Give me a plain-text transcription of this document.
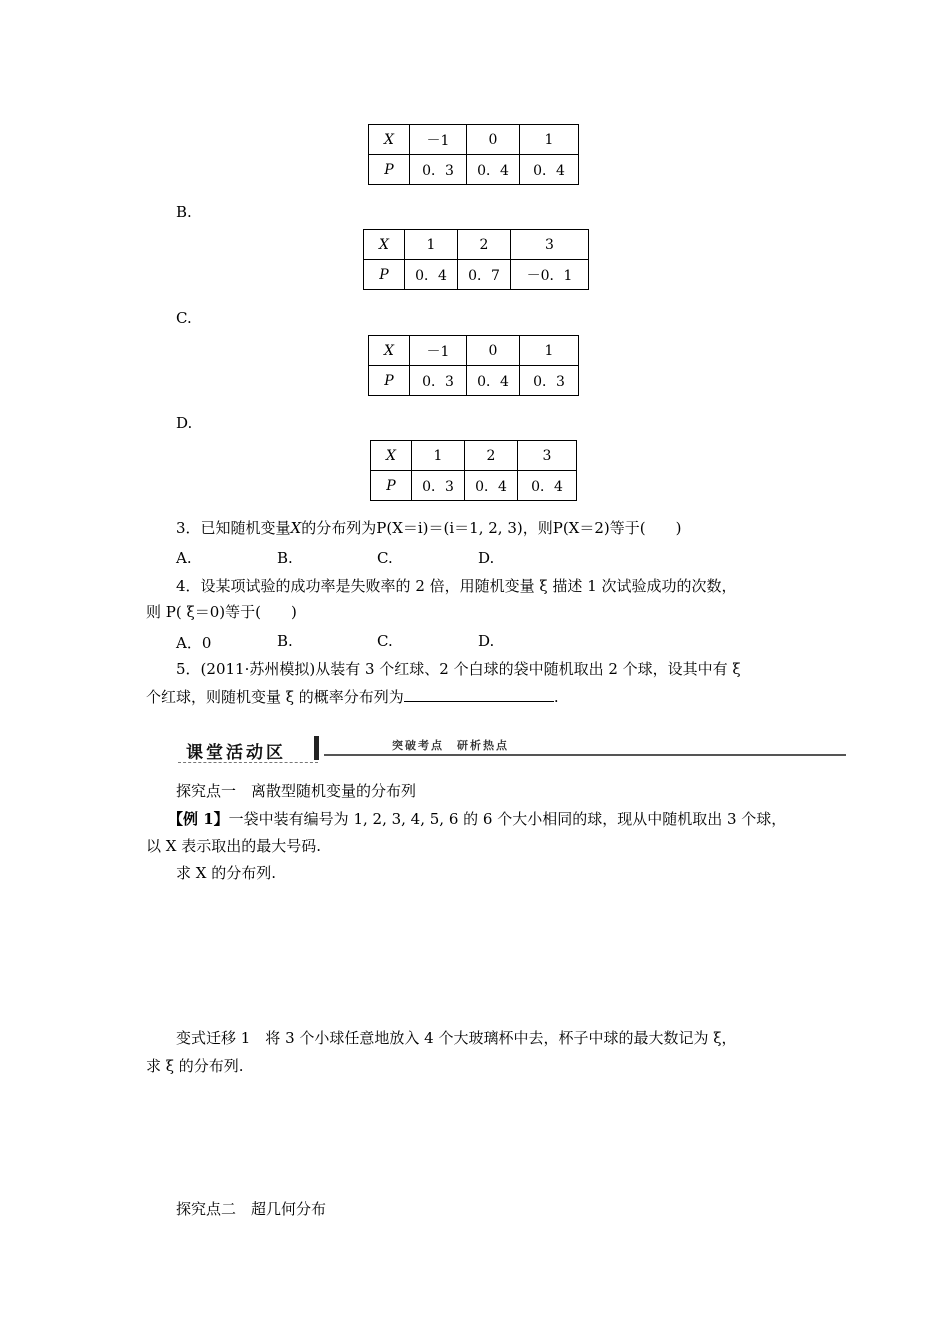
X	－1	0	1
P	0．3	0．4	0．4
B.
X	1	2	3
P	0．4	0．7	－0．1
C.
X	－1	0	1
P	0．3	0．4	0．3
D.
X	1	2	3
P	0．3	0．4	0．4
3．已知随机变量X的分布列为P(X＝i)＝(i＝1, 2, 3)，则P(X＝2)等于(　　)
A.	B.	C.	D.
4．设某项试验的成功率是失败率的 2 倍，用随机变量 ξ 描述 1 次试验成功的次数，
则 P( ξ＝0)等于(　　)
A．0	B.	C.	D.
5．(2011·苏州模拟)从装有 3 个红球、2 个白球的袋中随机取出 2 个球，设其中有 ξ
个红球，则随机变量 ξ 的概率分布列为	.
课堂活动区	突破考点　研析热点
探究点一　离散型随机变量的分布列
【例 1】一袋中装有编号为 1, 2, 3, 4, 5, 6 的 6 个大小相同的球，现从中随机取出 3 个球，
以 X 表示取出的最大号码.
求 X 的分布列.
变式迁移 1　将 3 个小球任意地放入 4 个大玻璃杯中去，杯子中球的最大数记为 ξ，
求 ξ 的分布列.
探究点二　超几何分布
